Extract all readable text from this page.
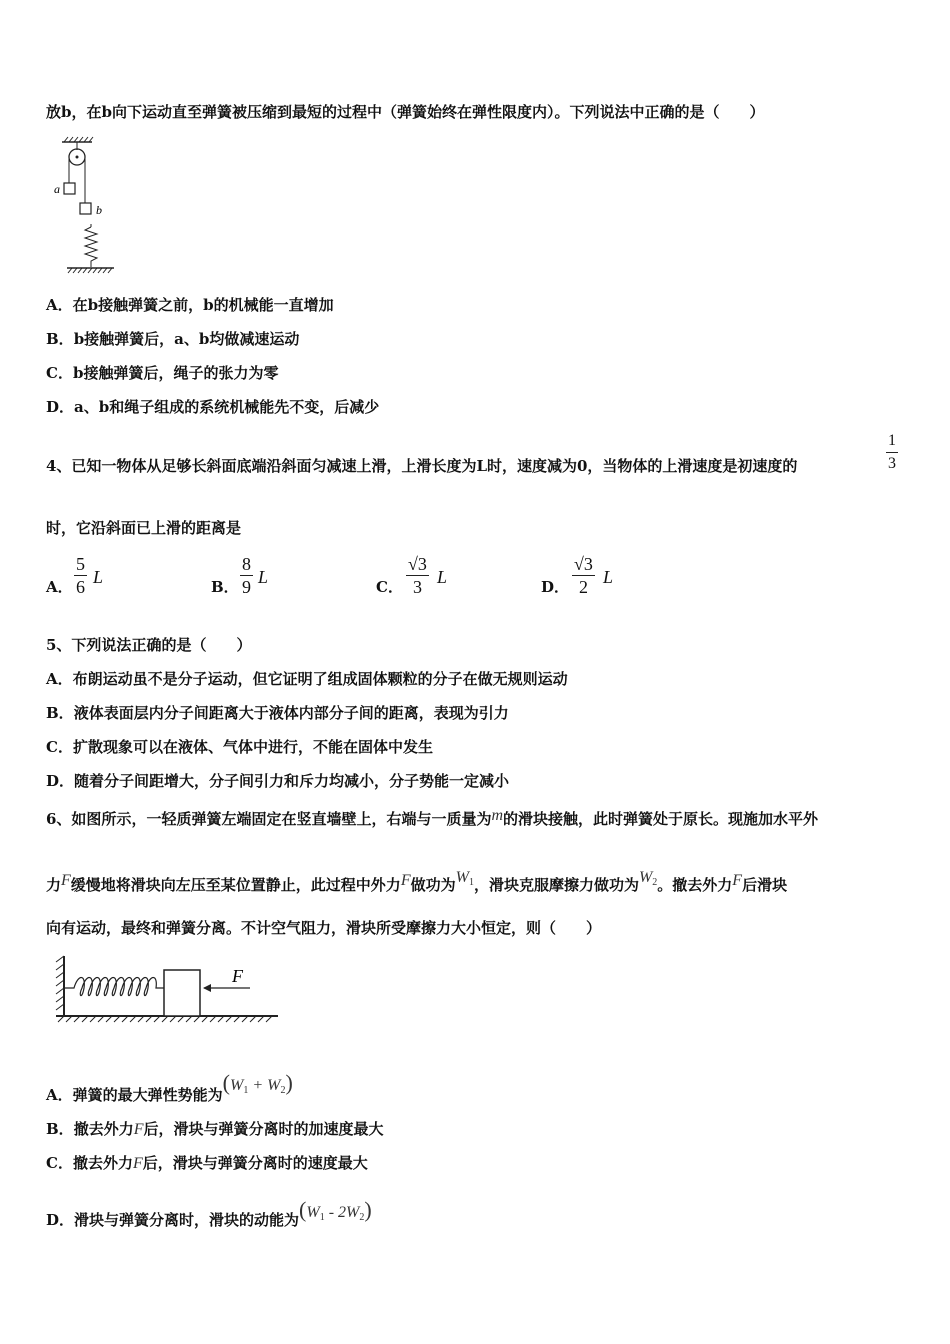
放b，在b向下运动直至弹簧被压缩到最短的过程中（弹簧始终在弹性限度内）。下列说法中正确的是（　　）
a
b
A．在b接触弹簧之前，b的机械能一直增加
B．b接触弹簧后，a、b均做减速运动
C．b接触弹簧后，绳子的张力为零
D．a、b和绳子组成的系统机械能先不变，后减少
4、已知一物体从足够长斜面底端沿斜面匀减速上滑，上滑长度为L时，速度减为0，当物体的上滑速度是初速度的	$\frac{1}{3}$
时，它沿斜面已上滑的距离是
A． $\frac{5}{6}$ L	B． $\frac{8}{9}$ L	C． $\frac{√3}{3}$ L	D． $\frac{√3}{2}$ L
5、下列说法正确的是（　　）
A．布朗运动虽不是分子运动，但它证明了组成固体颗粒的分子在做无规则运动
B．液体表面层内分子间距离大于液体内部分子间的距离，表现为引力
C．扩散现象可以在液体、气体中进行，不能在固体中发生
D．随着分子间距增大，分子间引力和斥力均减小，分子势能一定减小
6、如图所示，一轻质弹簧左端固定在竖直墙壁上，右端与一质量为m的滑块接触，此时弹簧处于原长。现施加水平外
力F缓慢地将滑块向左压至某位置静止，此过程中外力F做功为$W_1$，滑块克服摩擦力做功为$W_2$。撤去外力F后滑块
向有运动，最终和弹簧分离。不计空气阻力，滑块所受摩擦力大小恒定，则（　　）
F
A．弹簧的最大弹性势能为$(W_1 + W_2)$
B．撤去外力F后，滑块与弹簧分离时的加速度最大
C．撤去外力F后，滑块与弹簧分离时的速度最大
D．滑块与弹簧分离时，滑块的动能为$(W_1 - 2W_2)$
